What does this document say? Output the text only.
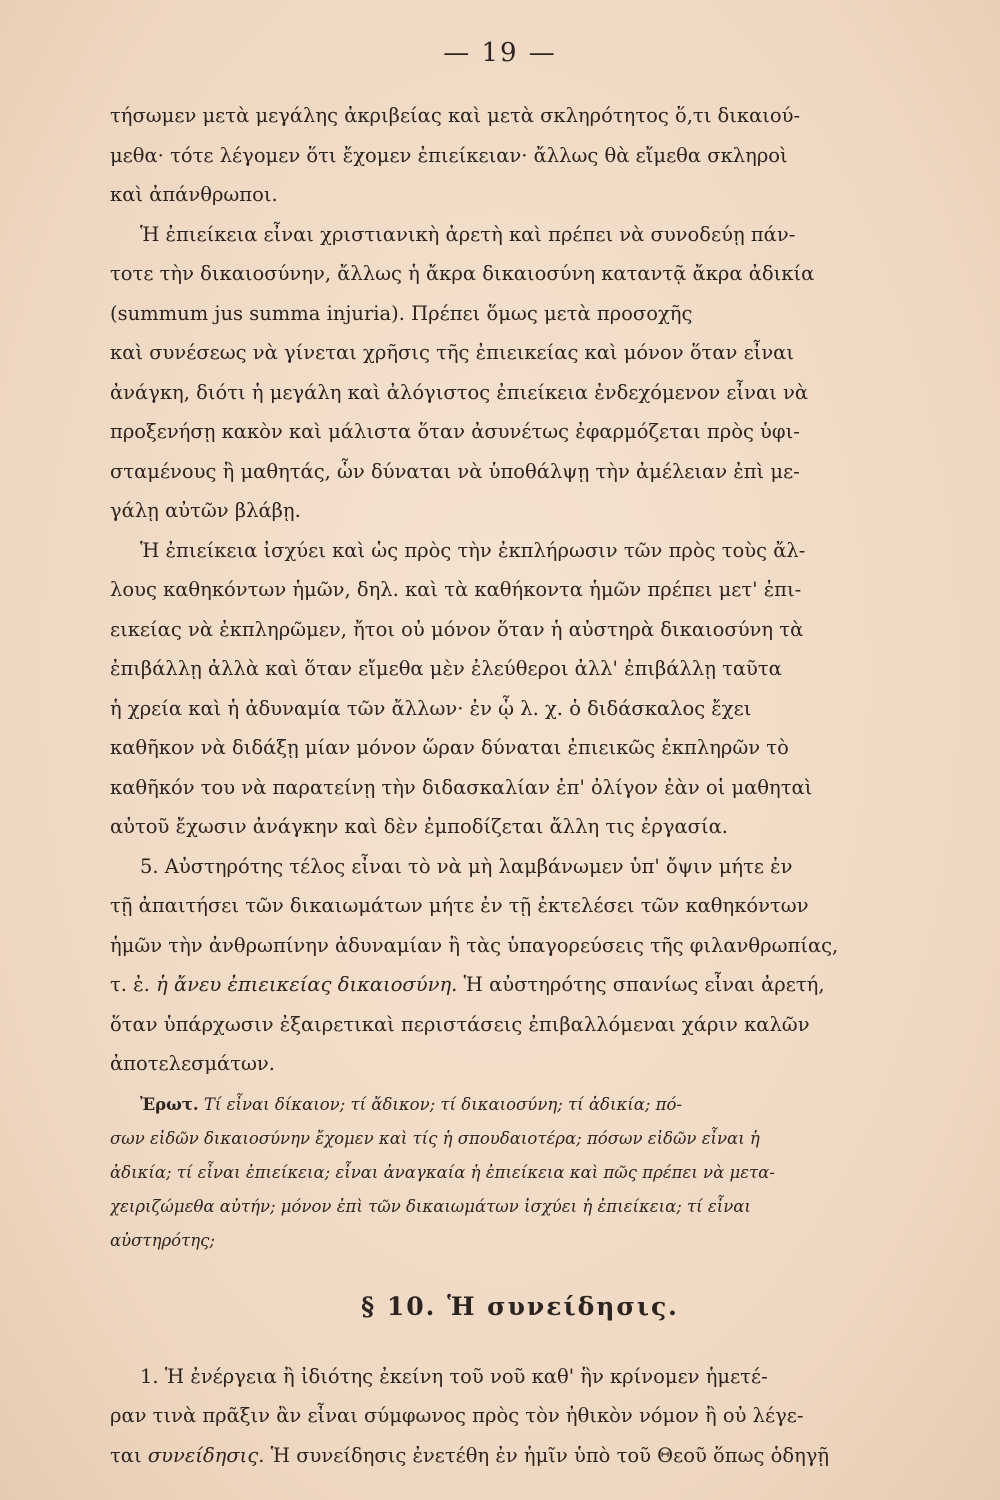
— 19 —
τήσωμεν μετὰ μεγάλης ἀκριβείας καὶ μετὰ σκληρότητος ὅ,τι δικαιού-
μεθα· τότε λέγομεν ὅτι ἔχομεν ἐπιείκειαν· ἄλλως θὰ εἴμεθα σκληροὶ
καὶ ἀπάνθρωποι.
Ἡ ἐπιείκεια εἶναι χριστιανικὴ ἀρετὴ καὶ πρέπει νὰ συνοδεύῃ πάν-
τοτε τὴν δικαιοσύνην, ἄλλως ἡ ἄκρα δικαιοσύνη καταντᾷ ἄκρα ἀδικία
(summum jus summa injuria). Πρέπει ὅμως μετὰ προσοχῆς
καὶ συνέσεως νὰ γίνεται χρῆσις τῆς ἐπιεικείας καὶ μόνον ὅταν εἶναι
ἀνάγκη, διότι ἡ μεγάλη καὶ ἀλόγιστος ἐπιείκεια ἐνδεχόμενον εἶναι νὰ
προξενήσῃ κακὸν καὶ μάλιστα ὅταν ἀσυνέτως ἐφαρμόζεται πρὸς ὑφι-
σταμένους ἢ μαθητάς, ὧν δύναται νὰ ὑποθάλψῃ τὴν ἀμέλειαν ἐπὶ με-
γάλῃ αὐτῶν βλάβῃ.
Ἡ ἐπιείκεια ἰσχύει καὶ ὡς πρὸς τὴν ἐκπλήρωσιν τῶν πρὸς τοὺς ἄλ-
λους καθηκόντων ἡμῶν, δηλ. καὶ τὰ καθήκοντα ἡμῶν πρέπει μετ' ἐπι-
εικείας νὰ ἐκπληρῶμεν, ἤτοι οὐ μόνον ὅταν ἡ αὐστηρὰ δικαιοσύνη τὰ
ἐπιβάλλῃ ἀλλὰ καὶ ὅταν εἴμεθα μὲν ἐλεύθεροι ἀλλ' ἐπιβάλλῃ ταῦτα
ἡ χρεία καὶ ἡ ἀδυναμία τῶν ἄλλων· ἐν ᾧ λ. χ. ὁ διδάσκαλος ἔχει
καθῆκον νὰ διδάξῃ μίαν μόνον ὥραν δύναται ἐπιεικῶς ἐκπληρῶν τὸ
καθῆκόν του νὰ παρατείνῃ τὴν διδασκαλίαν ἐπ' ὀλίγον ἐὰν οἱ μαθηταὶ
αὐτοῦ ἔχωσιν ἀνάγκην καὶ δὲν ἐμποδίζεται ἄλλη τις ἐργασία.
5. Αὐστηρότης τέλος εἶναι τὸ νὰ μὴ λαμβάνωμεν ὑπ' ὄψιν μήτε ἐν
τῇ ἀπαιτήσει τῶν δικαιωμάτων μήτε ἐν τῇ ἐκτελέσει τῶν καθηκόντων
ἡμῶν τὴν ἀνθρωπίνην ἀδυναμίαν ἢ τὰς ὑπαγορεύσεις τῆς φιλανθρωπίας,
τ. ἐ. ἡ ἄνευ ἐπιεικείας δικαιοσύνη. Ἡ αὐστηρότης σπανίως εἶναι ἀρετή,
ὅταν ὑπάρχωσιν ἐξαιρετικαὶ περιστάσεις ἐπιβαλλόμεναι χάριν καλῶν
ἀποτελεσμάτων.
Ἐρωτ. Τί εἶναι δίκαιον; τί ἄδικον; τί δικαιοσύνη; τί ἀδικία; πό-
σων εἰδῶν δικαιοσύνην ἔχομεν καὶ τίς ἡ σπουδαιοτέρα; πόσων εἰδῶν εἶναι ἡ
ἀδικία; τί εἶναι ἐπιείκεια; εἶναι ἀναγκαία ἡ ἐπιείκεια καὶ πῶς πρέπει νὰ μετα-
χειριζώμεθα αὐτήν; μόνον ἐπὶ τῶν δικαιωμάτων ἰσχύει ἡ ἐπιείκεια; τί εἶναι
αὐστηρότης;
§ 10. Ἡ συνείδησις.
1. Ἡ ἐνέργεια ἢ ἰδιότης ἐκείνη τοῦ νοῦ καθ' ἣν κρίνομεν ἡμετέ-
ραν τινὰ πρᾶξιν ἂν εἶναι σύμφωνος πρὸς τὸν ἠθικὸν νόμον ἢ οὐ λέγε-
ται συνείδησις. Ἡ συνείδησις ἐνετέθη ἐν ἡμῖν ὑπὸ τοῦ Θεοῦ ὅπως ὁδηγῇ
